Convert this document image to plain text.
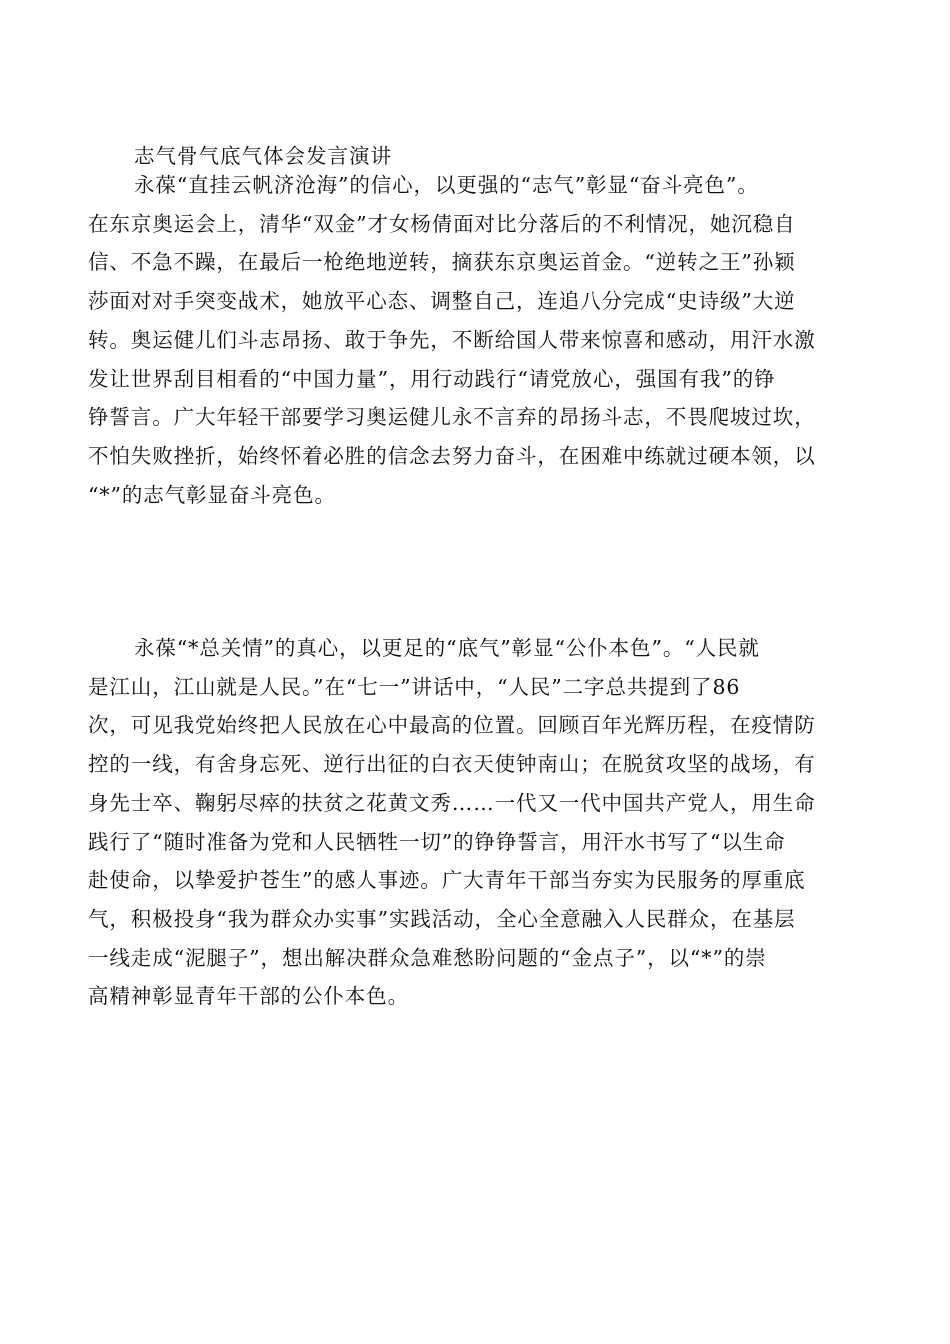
志气骨气底气体会发言演讲
永葆“直挂云帆济沧海”的信心，以更强的“志气”彰显“奋斗亮色”。
在东京奥运会上，清华“双金”才女杨倩面对比分落后的不利情况，她沉稳自
信、不急不躁，在最后一枪绝地逆转，摘获东京奥运首金。“逆转之王”孙颖
莎面对对手突变战术，她放平心态、调整自己，连追八分完成“史诗级”大逆
转。奥运健儿们斗志昂扬、敢于争先，不断给国人带来惊喜和感动，用汗水激
发让世界刮目相看的“中国力量”，用行动践行“请党放心，强国有我”的铮
铮誓言。广大年轻干部要学习奥运健儿永不言弃的昂扬斗志，不畏爬坡过坎，
不怕失败挫折，始终怀着必胜的信念去努力奋斗，在困难中练就过硬本领，以
“*”的志气彰显奋斗亮色。
永葆“*总关情”的真心，以更足的“底气”彰显“公仆本色”。“人民就
是江山，江山就是人民。”在“七一”讲话中，“人民”二字总共提到了86
次，可见我党始终把人民放在心中最高的位置。回顾百年光辉历程，在疫情防
控的一线，有舍身忘死、逆行出征的白衣天使钟南山；在脱贫攻坚的战场，有
身先士卒、鞠躬尽瘁的扶贫之花黄文秀……一代又一代中国共产党人，用生命
践行了“随时准备为党和人民牺牲一切”的铮铮誓言，用汗水书写了“以生命
赴使命，以挚爱护苍生”的感人事迹。广大青年干部当夯实为民服务的厚重底
气，积极投身“我为群众办实事”实践活动，全心全意融入人民群众，在基层
一线走成“泥腿子”，想出解决群众急难愁盼问题的“金点子”，以“*”的崇
高精神彰显青年干部的公仆本色。
